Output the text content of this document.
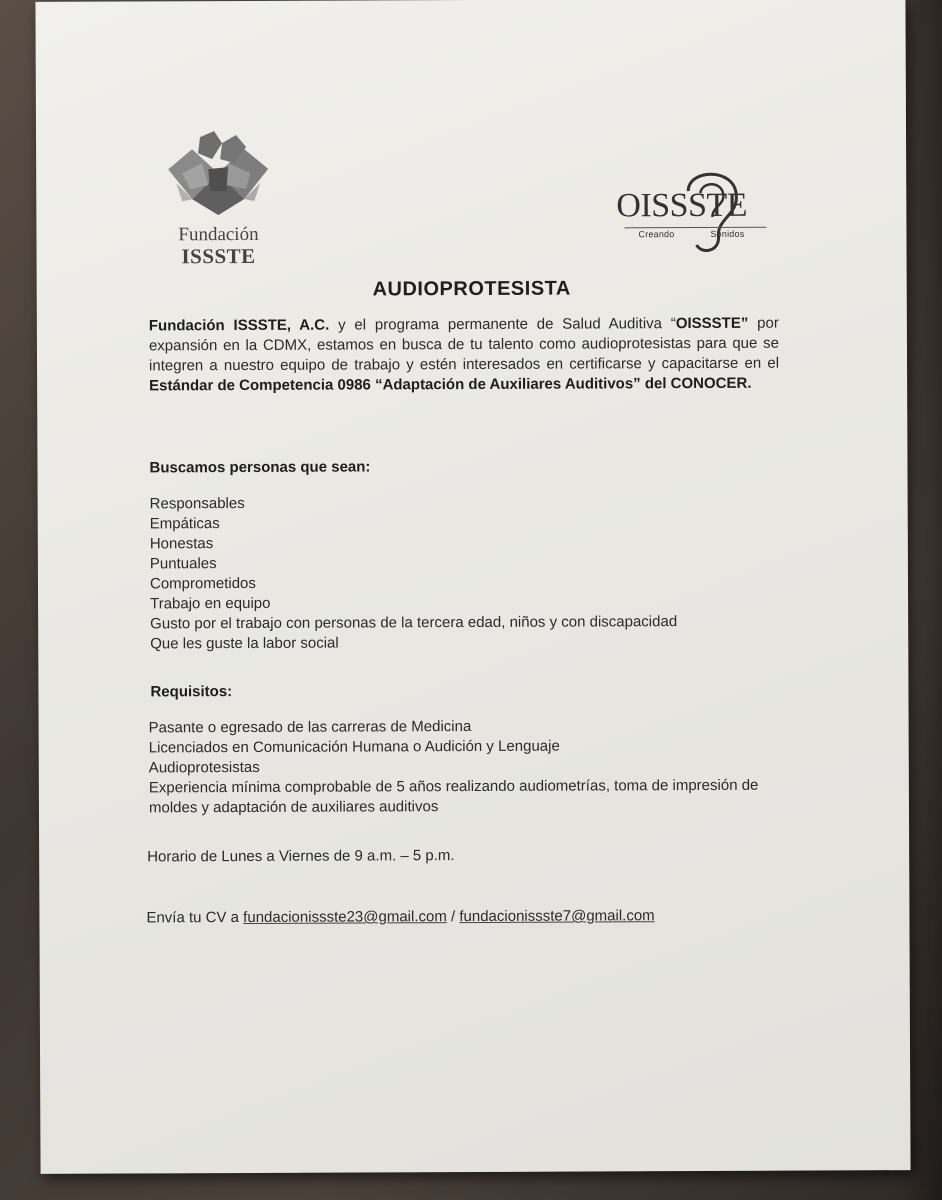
Fundación
ISSSTE
OISSSTE
Creando	Sonidos
AUDIOPROTESISTA
Fundación ISSSTE, A.C. y el programa permanente de Salud Auditiva “OISSSTE” por expansión en la CDMX, estamos en busca de tu talento como audioprotesistas para que se integren a nuestro equipo de trabajo y estén interesados en certificarse y capacitarse en el Estándar de Competencia 0986 “Adaptación de Auxiliares Auditivos” del CONOCER.
Buscamos personas que sean:
Responsables
Empáticas
Honestas
Puntuales
Comprometidos
Trabajo en equipo
Gusto por el trabajo con personas de la tercera edad, niños y con discapacidad
Que les guste la labor social
Requisitos:
Pasante o egresado de las carreras de Medicina
Licenciados en Comunicación Humana o Audición y Lenguaje
Audioprotesistas
Experiencia mínima comprobable de 5 años realizando audiometrías, toma de impresión de moldes y adaptación de auxiliares auditivos
Horario de Lunes a Viernes de 9 a.m. – 5 p.m.
Envía tu CV a fundacionissste23@gmail.com / fundacionissste7@gmail.com
